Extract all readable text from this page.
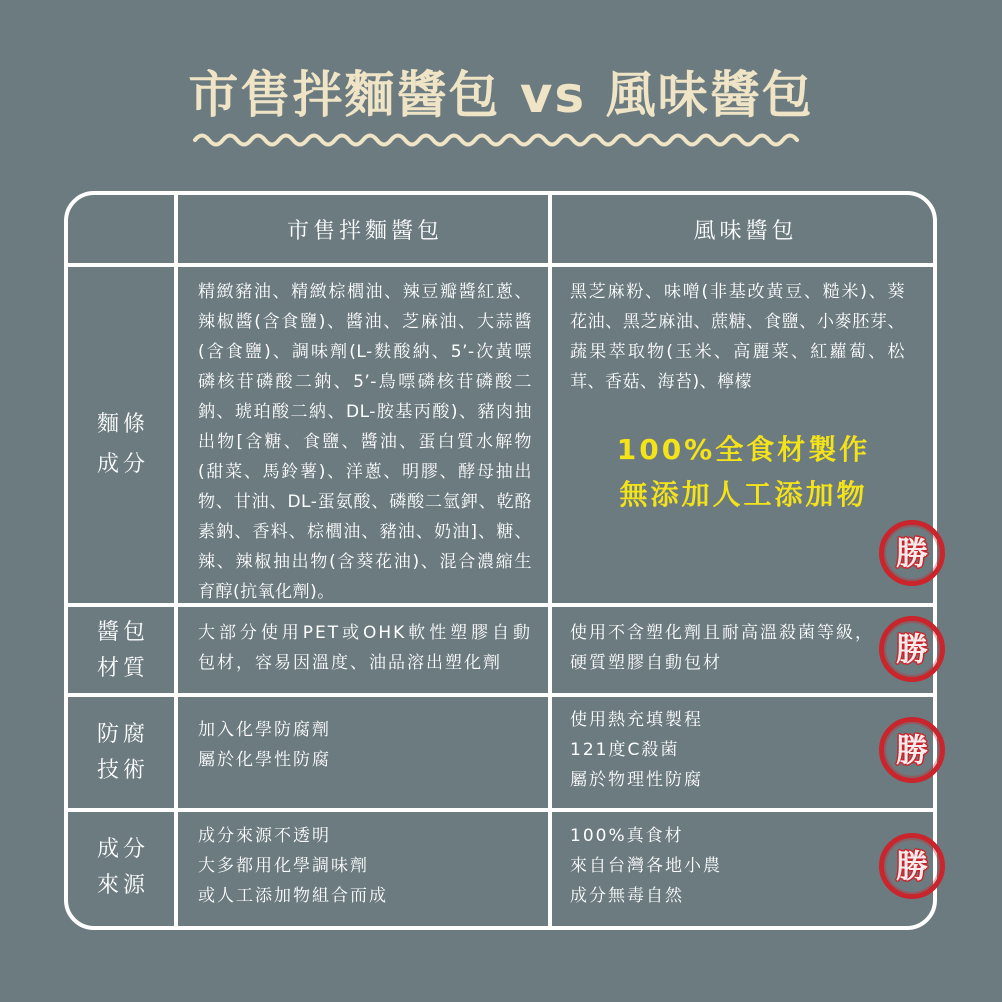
市售拌麵醬包 vs 風味醬包
市售拌麵醬包	風味醬包
麵條
成分
醬包
材質
防腐
技術
成分
來源
精緻豬油、精緻棕櫚油、辣豆瓣醬紅蔥、
辣椒醬(含食鹽)、醬油、芝麻油、大蒜醬
(含食鹽)、調味劑(L-麩酸納、5’-次黃嘌
磷核苷磷酸二鈉、5’-鳥嘌磷核苷磷酸二
鈉、琥珀酸二納、DL-胺基丙酸)、豬肉抽
出物[含糖、食鹽、醬油、蛋白質水解物
(甜菜、馬鈴薯)、洋蔥、明膠、酵母抽出
物、甘油、DL-蛋氨酸、磷酸二氫鉀、乾酪
素鈉、香料、棕櫚油、豬油、奶油]、糖、
辣、辣椒抽出物(含葵花油)、混合濃縮生
育醇(抗氧化劑)。
黑芝麻粉、味噌(非基改黃豆、糙米)、葵
花油、黑芝麻油、蔗糖、食鹽、小麥胚芽、
蔬果萃取物(玉米、高麗菜、紅蘿蔔、松
茸、香菇、海苔)、檸檬
100%全食材製作
無添加人工添加物
大部分使用PET或OHK軟性塑膠自動
包材，容易因溫度、油品溶出塑化劑
使用不含塑化劑且耐高溫殺菌等級，
硬質塑膠自動包材
加入化學防腐劑
屬於化學性防腐
使用熱充填製程
121度C殺菌
屬於物理性防腐
成分來源不透明
大多都用化學調味劑
或人工添加物組合而成
100%真食材
來自台灣各地小農
成分無毒自然
勝
勝
勝
勝
